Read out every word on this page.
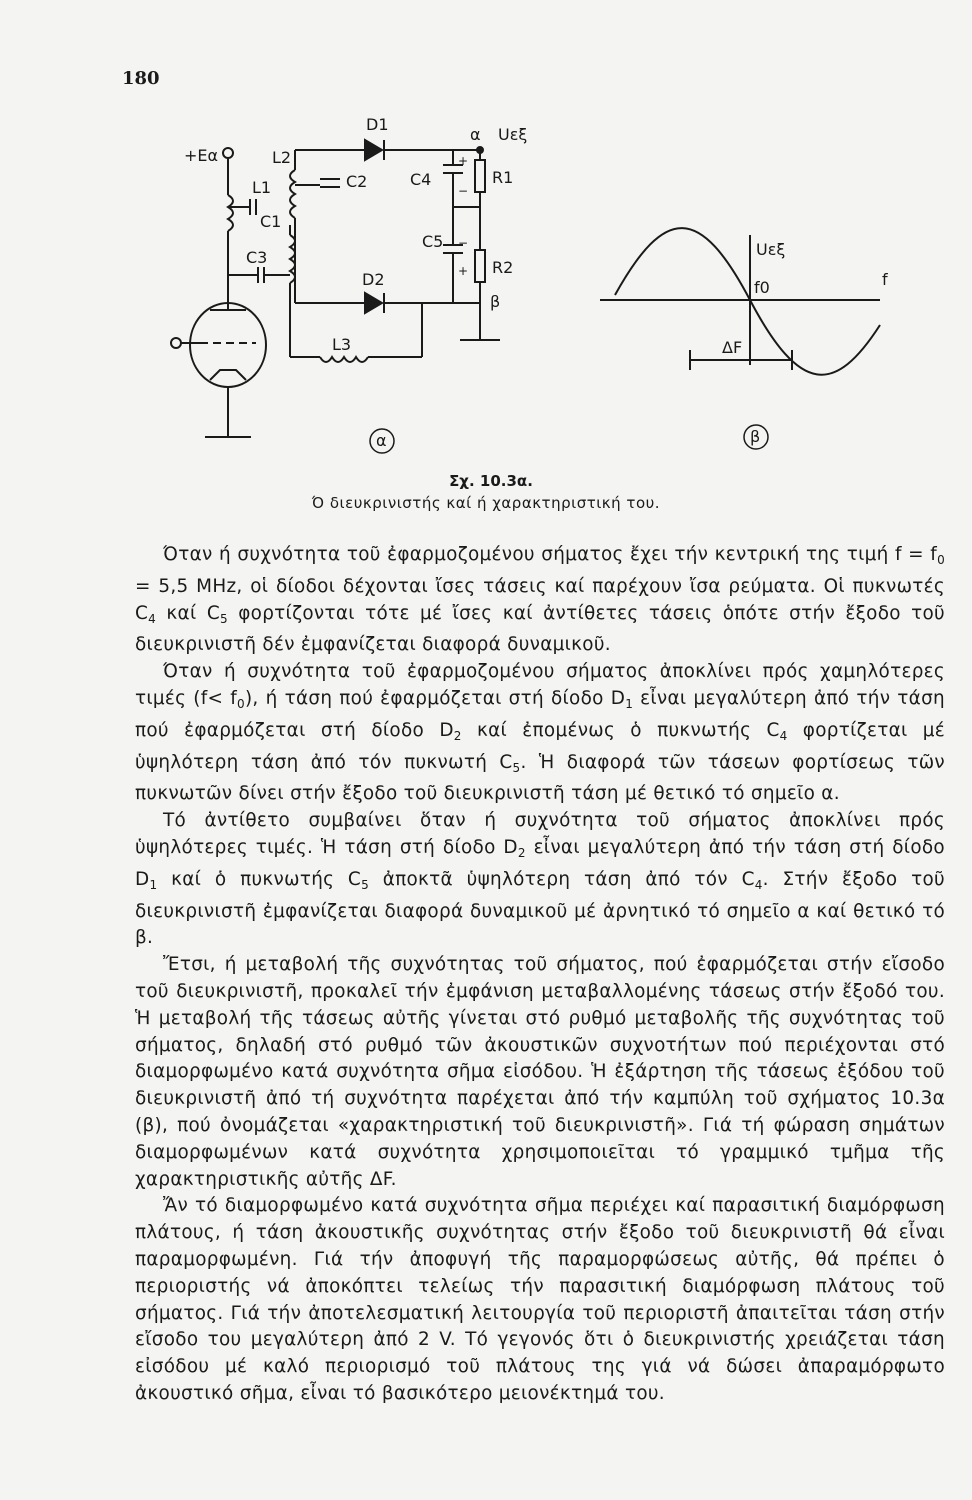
180
+Eα
D1
D2
α Uεξ
β
L1
L2
L3
C1
C2
C3
C4
C5
R1
R2
+
−
−
+
α
Uεξ
f
f0
ΔF
β
Σχ. 10.3α.
Ό διευκρινιστής καί ή χαρακτηριστική του.

Όταν ή συχνότητα τοῦ ἐφαρμοζομένου σήματος ἔχει τήν κεντρική της τιμή $f = f_0 = 5,5$ MHz, οἱ δίοδοι δέχονται ἴσες τάσεις καί παρέχουν ἴσα ρεύματα. Οἱ πυκνωτές $C_4$ καί $C_5$ φορτίζονται τότε μέ ἴσες καί ἀντίθετες τάσεις ὁπότε στήν ἔξοδο τοῦ διευκρινιστῆ δέν ἐμφανίζεται διαφορά δυναμικοῦ.

Όταν ή συχνότητα τοῦ ἐφαρμοζομένου σήματος ἀποκλίνει πρός χαμηλότερες τιμές $(f< f_0)$, ή τάση πού ἐφαρμόζεται στή δίοδο $D_1$ εἶναι μεγαλύτερη ἀπό τήν τάση πού ἐφαρμόζεται στή δίοδο $D_2$ καί ἐπομένως ὁ πυκνωτής $C_4$ φορτίζεται μέ ὑψηλότερη τάση ἀπό τόν πυκνωτή $C_5$. Ἡ διαφορά τῶν τάσεων φορτίσεως τῶν πυκνωτῶν δίνει στήν ἔξοδο τοῦ διευκρινιστῆ τάση μέ θετικό τό σημεῖο α.

Τό ἀντίθετο συμβαίνει ὅταν ή συχνότητα τοῦ σήματος ἀποκλίνει πρός ὑψηλότερες τιμές. Ἡ τάση στή δίοδο $D_2$ εἶναι μεγαλύτερη ἀπό τήν τάση στή δίοδο $D_1$ καί ὁ πυκνωτής $C_5$ ἀποκτᾶ ὑψηλότερη τάση ἀπό τόν $C_4$. Στήν ἔξοδο τοῦ διευκρινιστῆ ἐμφανίζεται διαφορά δυναμικοῦ μέ ἀρνητικό τό σημεῖο α καί θετικό τό β.

Ἔτσι, ή μεταβολή τῆς συχνότητας τοῦ σήματος, πού ἐφαρμόζεται στήν εἴσοδο τοῦ διευκρινιστῆ, προκαλεῖ τήν ἐμφάνιση μεταβαλλομένης τάσεως στήν ἔξοδό του. Ἡ μεταβολή τῆς τάσεως αὐτῆς γίνεται στό ρυθμό μεταβολῆς τῆς συχνότητας τοῦ σήματος, δηλαδή στό ρυθμό τῶν ἀκουστικῶν συχνοτήτων πού περιέχονται στό διαμορφωμένο κατά συχνότητα σῆμα εἰσόδου. Ἡ ἐξάρτηση τῆς τάσεως ἐξόδου τοῦ διευκρινιστῆ ἀπό τή συχνότητα παρέχεται ἀπό τήν καμπύλη τοῦ σχήματος 10.3α (β), πού ὀνομάζεται «χαρακτηριστική τοῦ διευκρινιστῆ». Γιά τή φώραση σημάτων διαμορφωμένων κατά συχνότητα χρησιμοποιεῖται τό γραμμικό τμῆμα τῆς χαρακτηριστικῆς αὐτῆς ΔF.

Ἄν τό διαμορφωμένο κατά συχνότητα σῆμα περιέχει καί παρασιτική διαμόρφωση πλάτους, ή τάση ἀκουστικῆς συχνότητας στήν ἔξοδο τοῦ διευκρινιστῆ θά εἶναι παραμορφωμένη. Γιά τήν ἀποφυγή τῆς παραμορφώσεως αὐτῆς, θά πρέπει ὁ περιοριστής νά ἀποκόπτει τελείως τήν παρασιτική διαμόρφωση πλάτους τοῦ σήματος. Γιά τήν ἀποτελεσματική λειτουργία τοῦ περιοριστῆ ἀπαιτεῖται τάση στήν εἴσοδο του μεγαλύτερη ἀπό 2 V. Τό γεγονός ὅτι ὁ διευκρινιστής χρειάζεται τάση εἰσόδου μέ καλό περιορισμό τοῦ πλάτους της γιά νά δώσει ἀπαραμόρφωτο ἀκουστικό σῆμα, εἶναι τό βασικότερο μειονέκτημά του.
